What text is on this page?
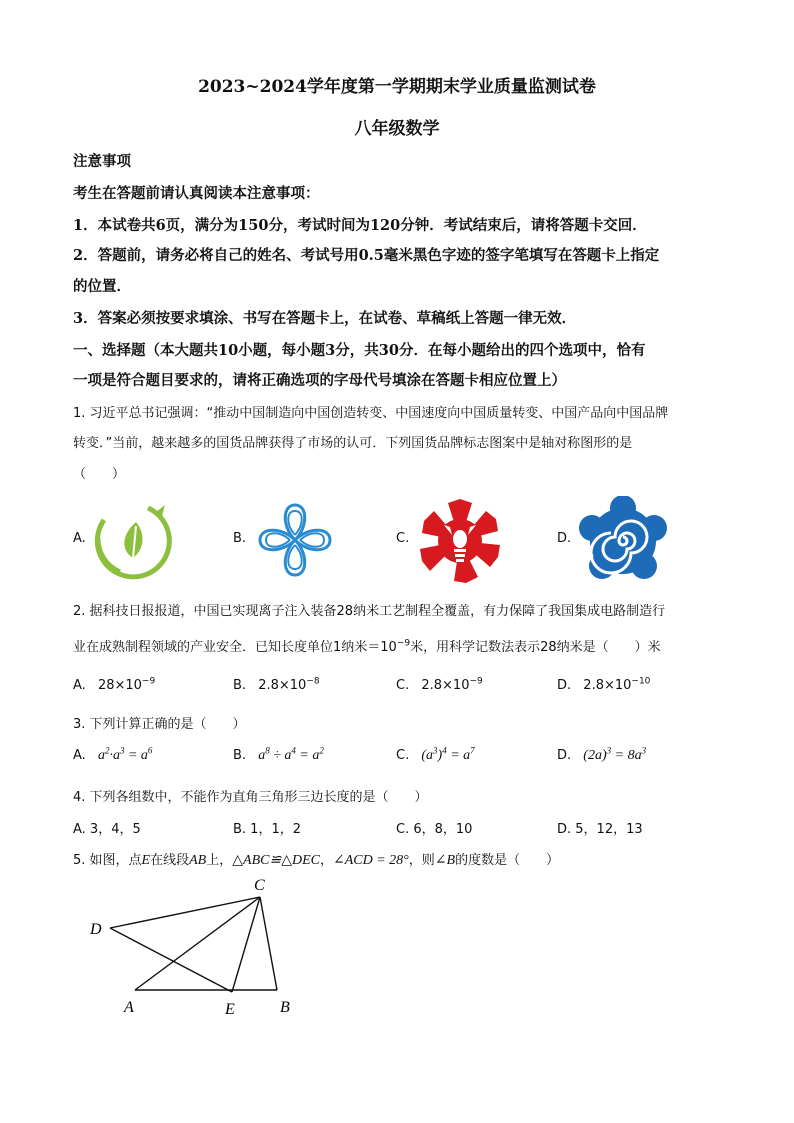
2023~2024学年度第一学期期末学业质量监测试卷
八年级数学
注意事项
考生在答题前请认真阅读本注意事项：
1．本试卷共6页，满分为150分，考试时间为120分钟．考试结束后，请将答题卡交回．
2．答题前，请务必将自己的姓名、考试号用0.5毫米黑色字迹的签字笔填写在答题卡上指定
的位置．
3．答案必须按要求填涂、书写在答题卡上，在试卷、草稿纸上答题一律无效．
一、选择题（本大题共10小题，每小题3分，共30分．在每小题给出的四个选项中，恰有
一项是符合题目要求的，请将正确选项的字母代号填涂在答题卡相应位置上）
1. 习近平总书记强调：“推动中国制造向中国创造转变、中国速度向中国质量转变、中国产品向中国品牌
转变．”当前，越来越多的国货品牌获得了市场的认可．下列国货品牌标志图案中是轴对称图形的是
（　　）
A.	B.	C.	D.
2. 据科技日报报道，中国已实现离子注入装备28纳米工艺制程全覆盖，有力保障了我国集成电路制造行
业在成熟制程领域的产业安全．已知长度单位1纳米$=10^{-9}$米，用科学记数法表示28纳米是（　　）米
A. $28\times 10^{-9}$	B. $2.8\times 10^{-8}$	C. $2.8\times 10^{-9}$	D. $2.8\times 10^{-10}$
3. 下列计算正确的是（　　）
A. $a^2\cdot a^3 = a^6$	B. $a^8 \div a^4 = a^2$	C. $(a^3)^4 = a^7$	D. $(2a)^3 = 8a^3$
4. 下列各组数中，不能作为直角三角形三边长度的是（　　）
A. 3，4，5	B. 1，1，2	C. 6，8，10	D. 5，12，13
5. 如图，点E在线段AB上，△ABC≌△DEC，∠ACD = 28°，则∠B的度数是（　　）
C
D
A	E	B
